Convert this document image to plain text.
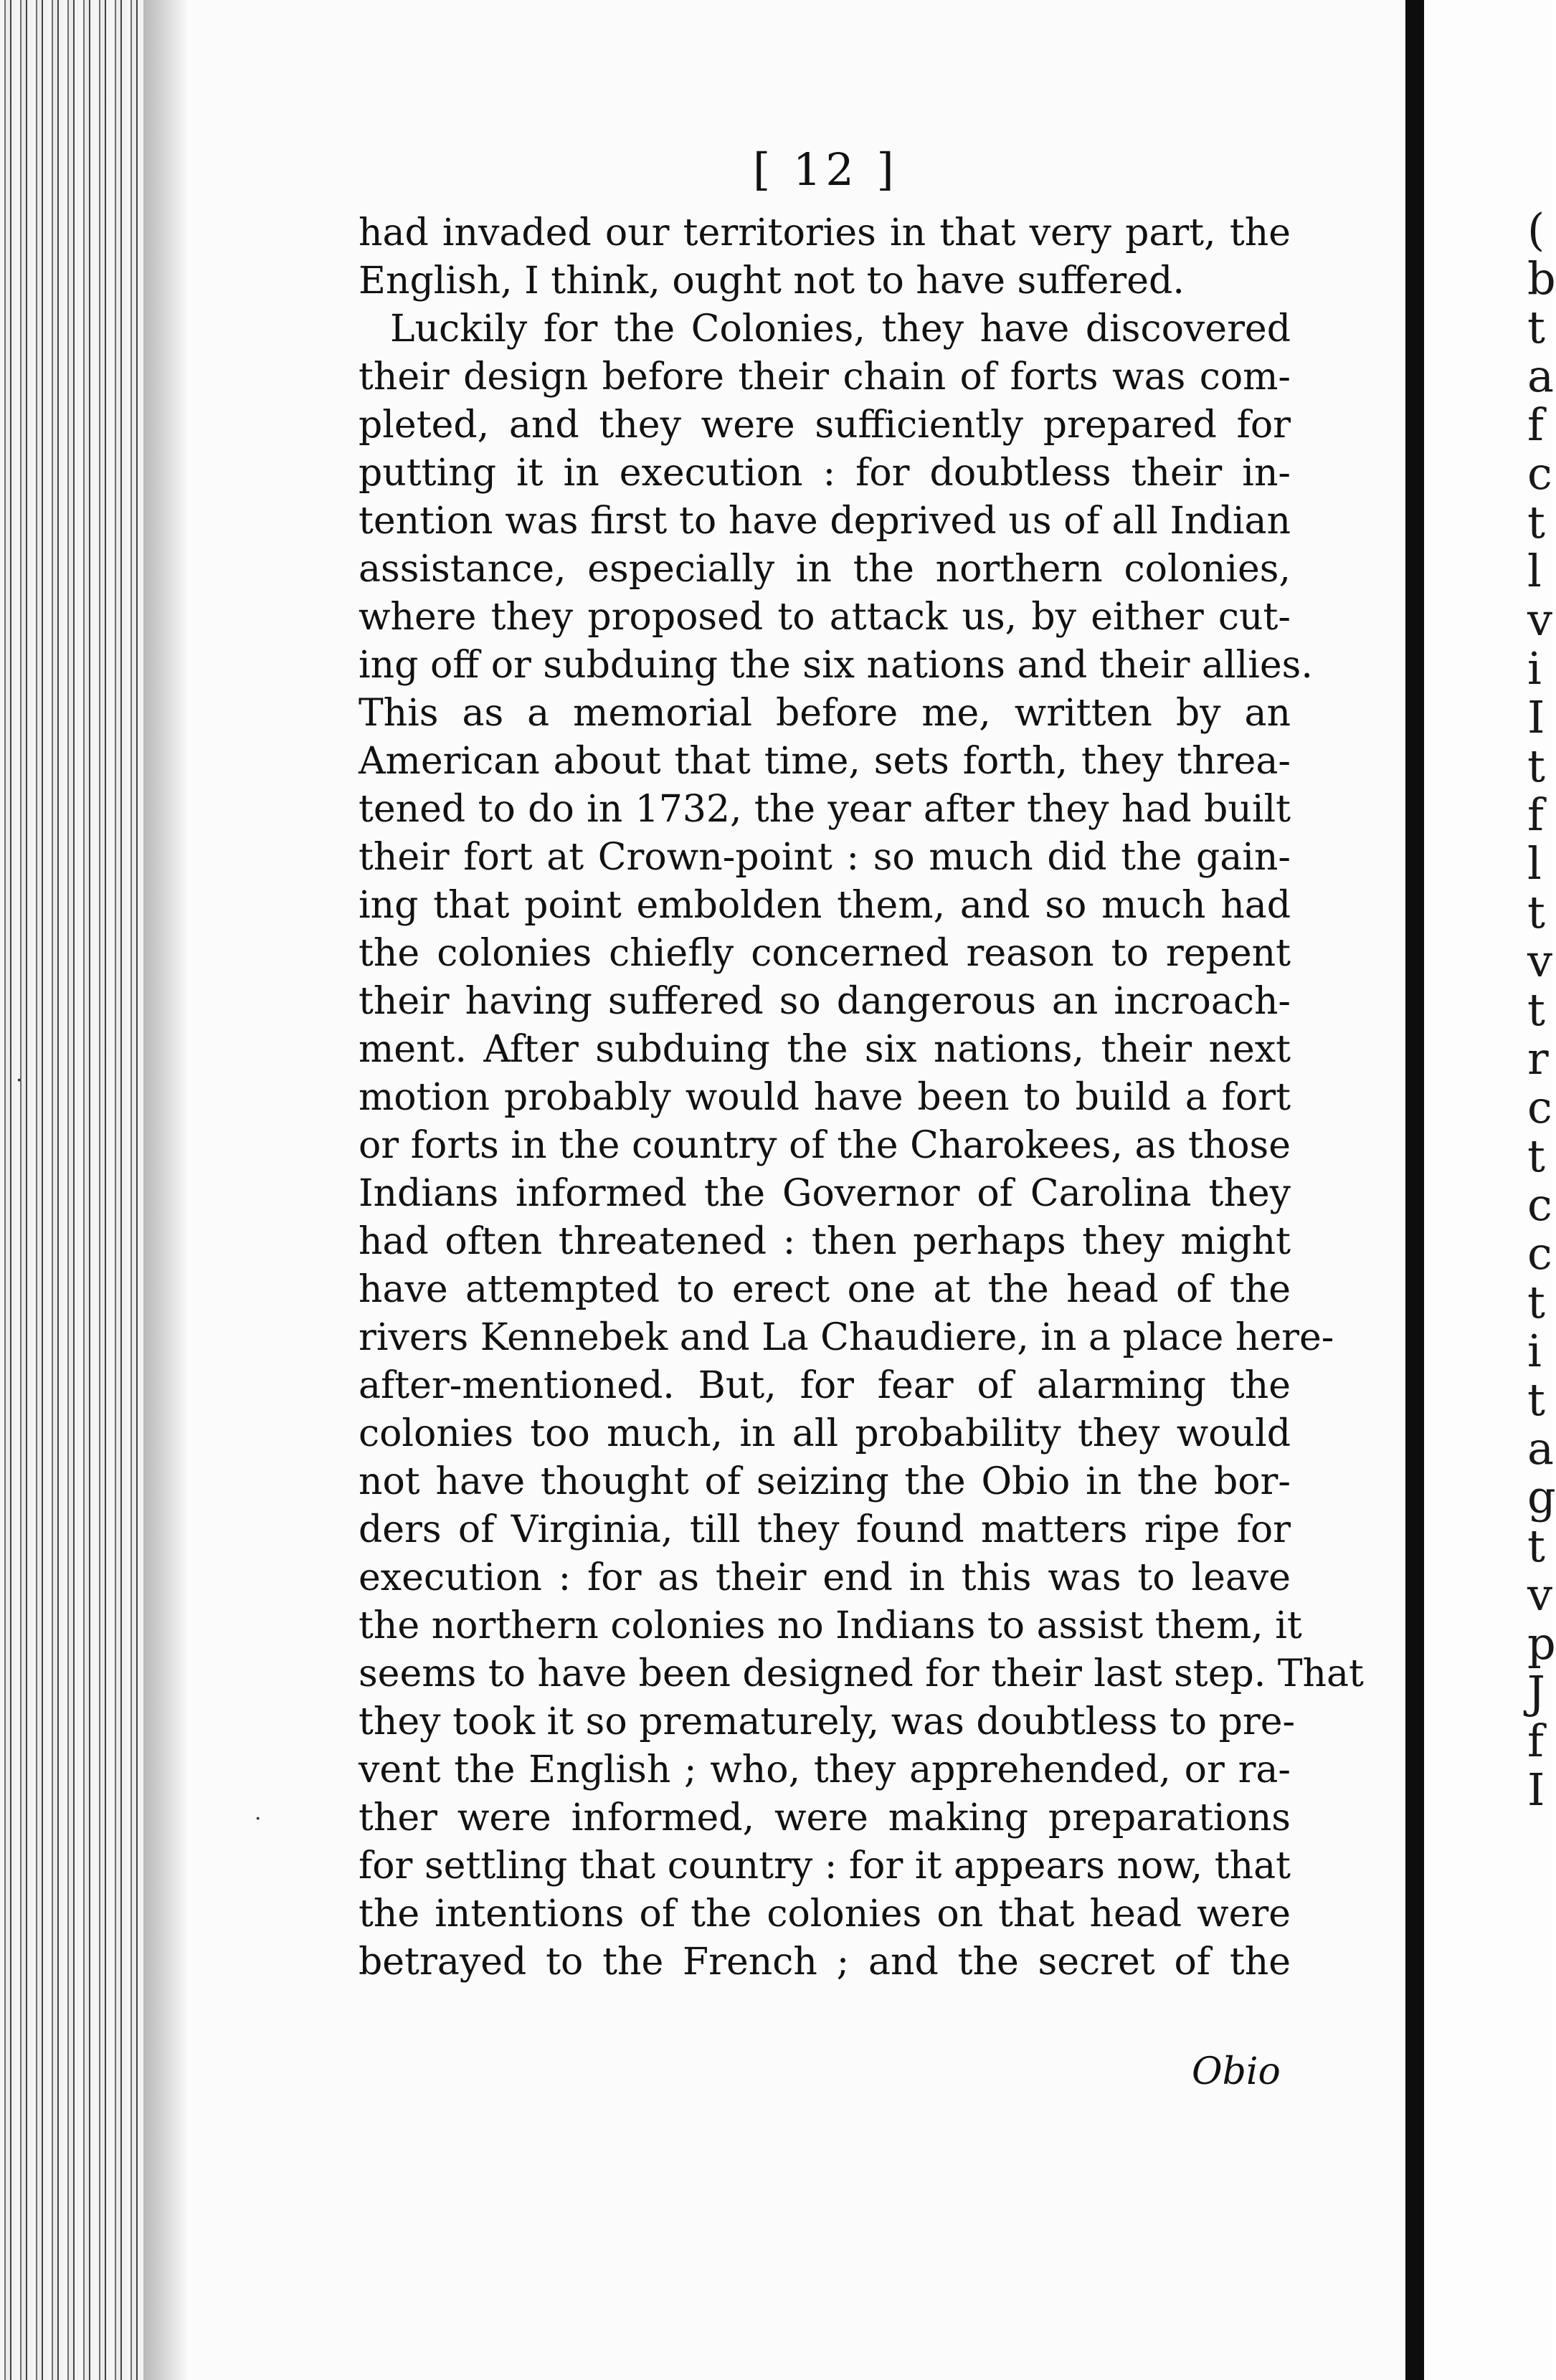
·
·
[ 12 ]
had invaded our territories in that very part, the
English, I think, ought not to have suffered.
Luckily for the Colonies, they have discovered
their design before their chain of forts was com-
pleted, and they were sufficiently prepared for
putting it in execution : for doubtless their in-
tention was first to have deprived us of all Indian
assistance, especially in the northern colonies,
where they proposed to attack us, by either cut-
ing off or subduing the six nations and their allies.
This as a memorial before me, written by an
American about that time, sets forth, they threa-
tened to do in 1732, the year after they had built
their fort at Crown-point : so much did the gain-
ing that point embolden them, and so much had
the colonies chiefly concerned reason to repent
their having suffered so dangerous an incroach-
ment. After subduing the six nations, their next
motion probably would have been to build a fort
or forts in the country of the Charokees, as those
Indians informed the Governor of Carolina they
had often threatened : then perhaps they might
have attempted to erect one at the head of the
rivers Kennebek and La Chaudiere, in a place here-
after-mentioned. But, for fear of alarming the
colonies too much, in all probability they would
not have thought of seizing the Obio in the bor-
ders of Virginia, till they found matters ripe for
execution : for as their end in this was to leave
the northern colonies no Indians to assist them, it
seems to have been designed for their last step. That
they took it so prematurely, was doubtless to pre-
vent the English ; who, they apprehended, or ra-
ther were informed, were making preparations
for settling that country : for it appears now, that
the intentions of the colonies on that head were
betrayed to the French ; and the secret of the
Obio
(
b
t
a
f
c
t
l
v
i
I
t
f
l
t
v
t
r
c
t
c
c
t
i
t
a
g
t
v
p
J
f
I
